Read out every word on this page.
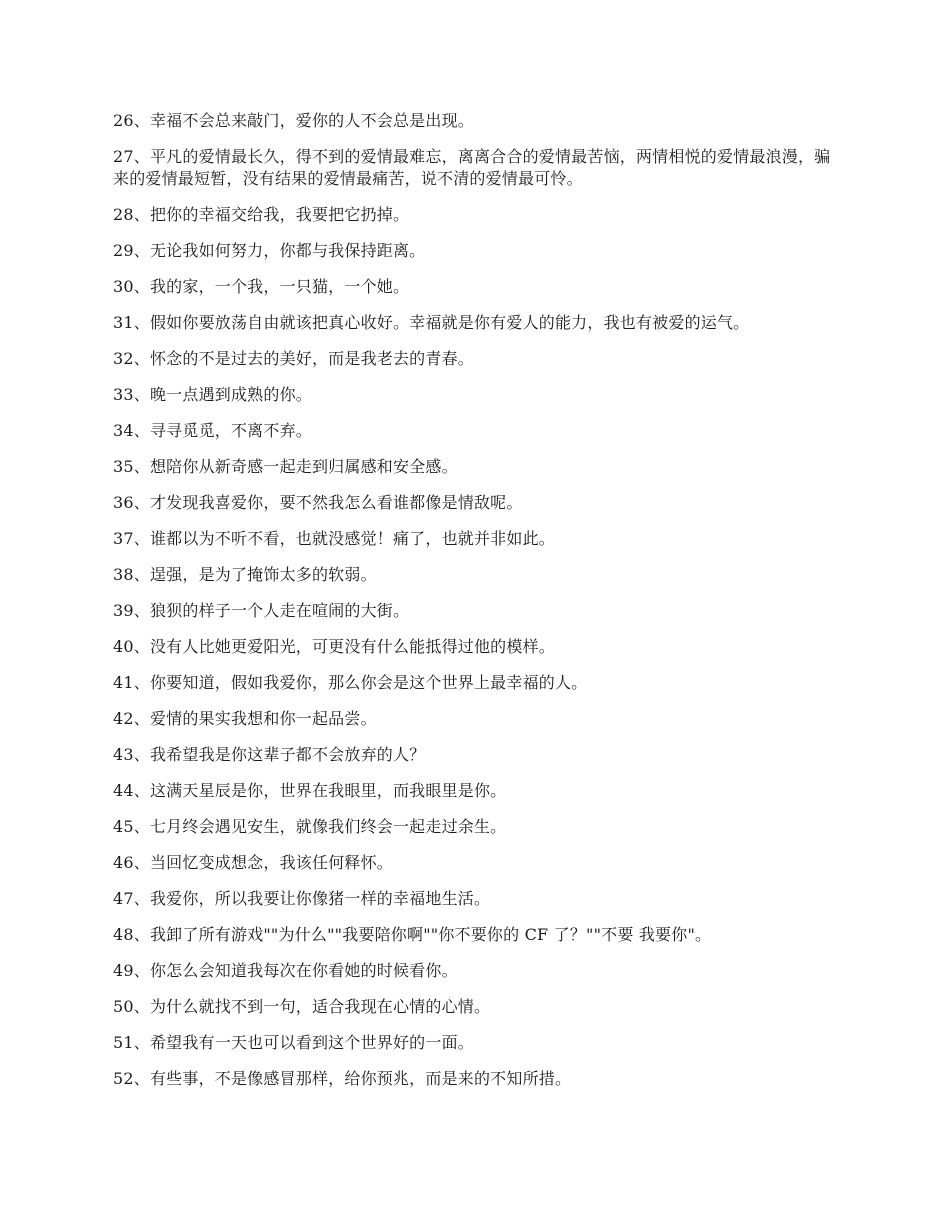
26、幸福不会总来敲门，爱你的人不会总是出现。

27、平凡的爱情最长久，得不到的爱情最难忘，离离合合的爱情最苦恼，两情相悦的爱情最浪漫，骗来的爱情最短暂，没有结果的爱情最痛苦，说不清的爱情最可怜。

28、把你的幸福交给我，我要把它扔掉。

29、无论我如何努力，你都与我保持距离。

30、我的家，一个我，一只猫，一个她。

31、假如你要放荡自由就该把真心收好。幸福就是你有爱人的能力，我也有被爱的运气。

32、怀念的不是过去的美好，而是我老去的青春。

33、晚一点遇到成熟的你。

34、寻寻觅觅，不离不弃。

35、想陪你从新奇感一起走到归属感和安全感。

36、才发现我喜爱你，要不然我怎么看谁都像是情敌呢。

37、谁都以为不听不看，也就没感觉！痛了，也就并非如此。

38、逞强，是为了掩饰太多的软弱。

39、狼狈的样子一个人走在喧闹的大街。

40、没有人比她更爱阳光，可更没有什么能抵得过他的模样。

41、你要知道，假如我爱你，那么你会是这个世界上最幸福的人。

42、爱情的果实我想和你一起品尝。

43、我希望我是你这辈子都不会放弃的人？

44、这满天星辰是你，世界在我眼里，而我眼里是你。

45、七月终会遇见安生，就像我们终会一起走过余生。

46、当回忆变成想念，我该任何释怀。

47、我爱你，所以我要让你像猪一样的幸福地生活。

48、我卸了所有游戏""为什么""我要陪你啊""你不要你的 CF 了？""不要 我要你"。

49、你怎么会知道我每次在你看她的时候看你。

50、为什么就找不到一句，适合我现在心情的心情。

51、希望我有一天也可以看到这个世界好的一面。

52、有些事，不是像感冒那样，给你预兆，而是来的不知所措。
